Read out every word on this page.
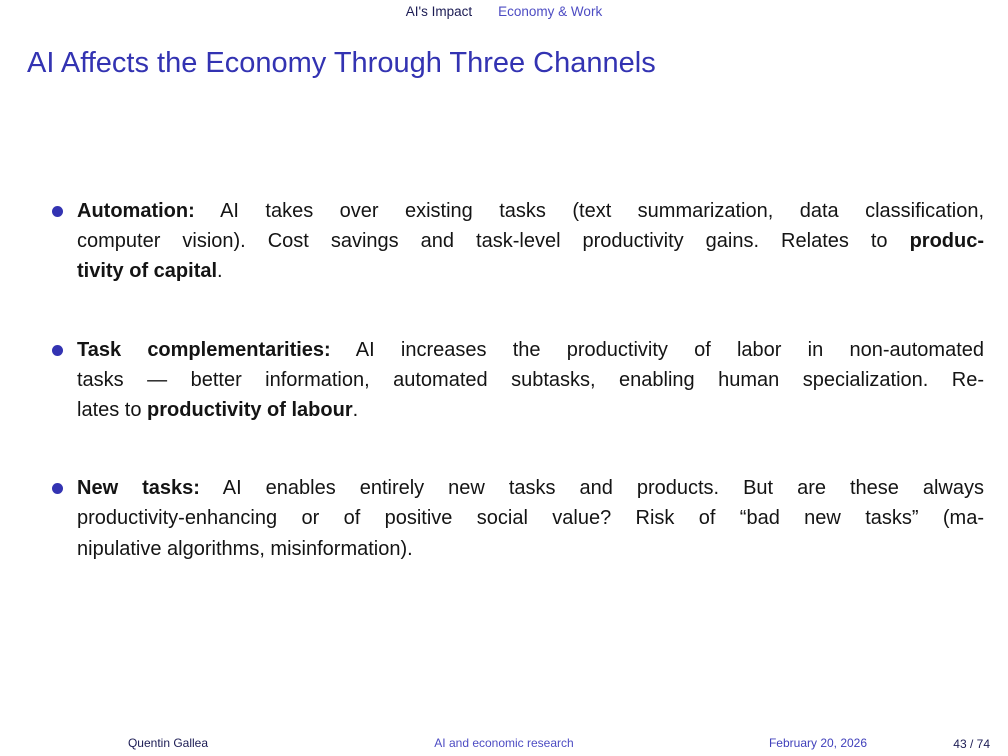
AI's Impact Economy & Work
AI Affects the Economy Through Three Channels
Automation: AI takes over existing tasks (text summarization, data classification,
computer vision). Cost savings and task-level productivity gains. Relates to produc-
tivity of capital.
Task complementarities: AI increases the productivity of labor in non-automated
tasks — better information, automated subtasks, enabling human specialization. Re-
lates to productivity of labour.
New tasks: AI enables entirely new tasks and products. But are these always
productivity-enhancing or of positive social value? Risk of “bad new tasks” (ma-
nipulative algorithms, misinformation).
Quentin Gallea	AI and economic research	February 20, 2026	43 / 74
